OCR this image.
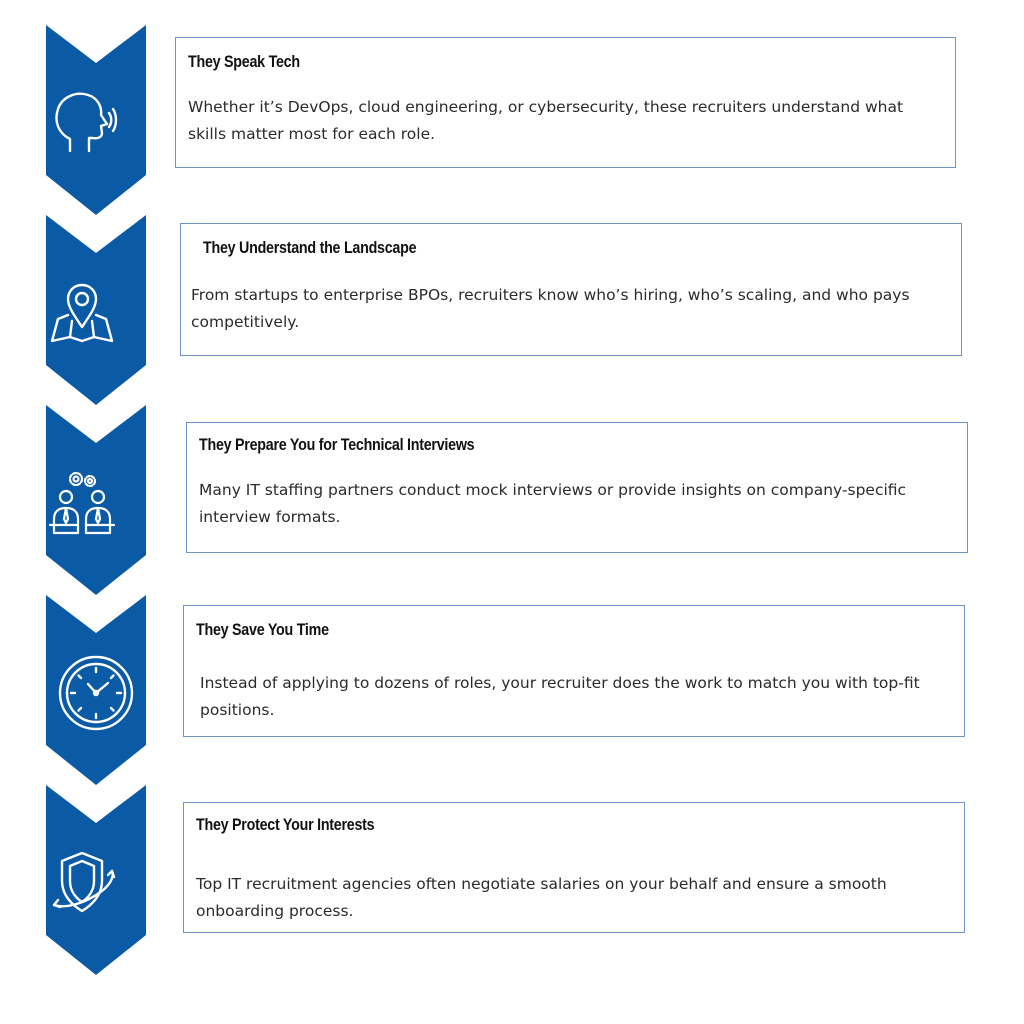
They Speak Tech

Whether it’s DevOps, cloud engineering, or cybersecurity, these recruiters understand what skills matter most for each role.

They Understand the Landscape

From startups to enterprise BPOs, recruiters know who’s hiring, who’s scaling, and who pays competitively.

They Prepare You for Technical Interviews

Many IT staffing partners conduct mock interviews or provide insights on company-specific interview formats.

They Save You Time

Instead of applying to dozens of roles, your recruiter does the work to match you with top-fit positions.

They Protect Your Interests

Top IT recruitment agencies often negotiate salaries on your behalf and ensure a smooth onboarding process.
